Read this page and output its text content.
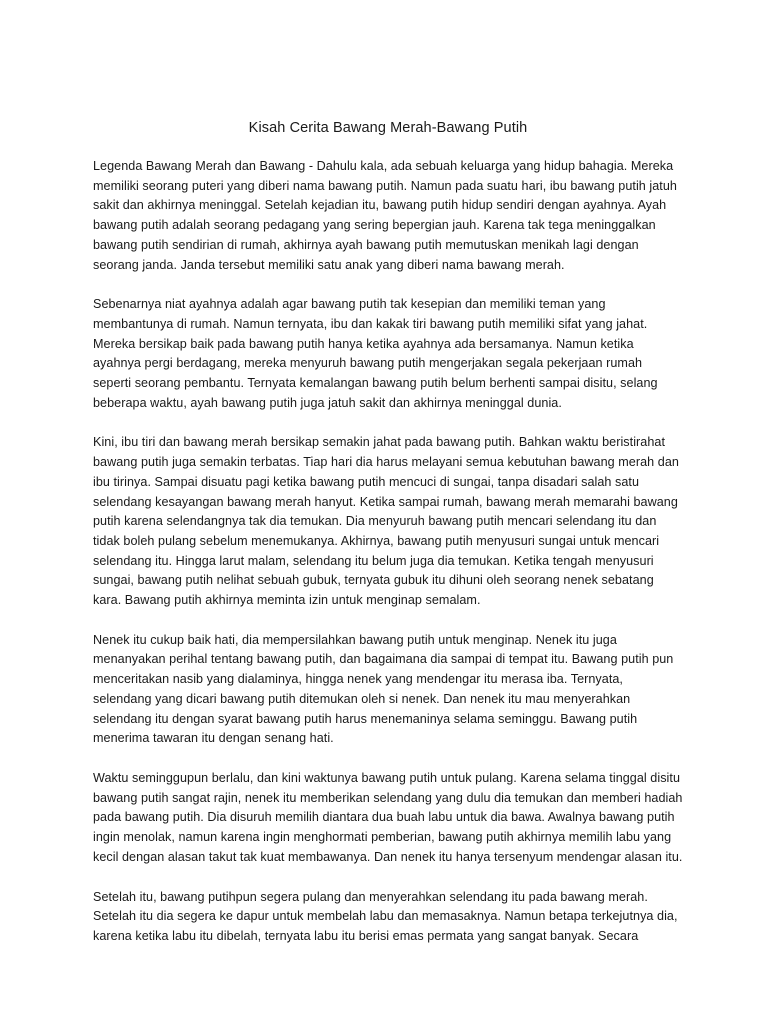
Kisah Cerita Bawang Merah-Bawang Putih

Legenda Bawang Merah dan Bawang - Dahulu kala, ada sebuah keluarga yang hidup bahagia. Mereka memiliki seorang puteri yang diberi nama bawang putih. Namun pada suatu hari, ibu bawang putih jatuh sakit dan akhirnya meninggal. Setelah kejadian itu, bawang putih hidup sendiri dengan ayahnya. Ayah bawang putih adalah seorang pedagang yang sering bepergian jauh. Karena tak tega meninggalkan bawang putih sendirian di rumah, akhirnya ayah bawang putih memutuskan menikah lagi dengan seorang janda. Janda tersebut memiliki satu anak yang diberi nama bawang merah.

Sebenarnya niat ayahnya adalah agar bawang putih tak kesepian dan memiliki teman yang membantunya di rumah. Namun ternyata, ibu dan kakak tiri bawang putih memiliki sifat yang jahat. Mereka bersikap baik pada bawang putih hanya ketika ayahnya ada bersamanya. Namun ketika ayahnya pergi berdagang, mereka menyuruh bawang putih mengerjakan segala pekerjaan rumah seperti seorang pembantu. Ternyata kemalangan bawang putih belum berhenti sampai disitu, selang beberapa waktu, ayah bawang putih juga jatuh sakit dan akhirnya meninggal dunia.

Kini, ibu tiri dan bawang merah bersikap semakin jahat pada bawang putih. Bahkan waktu beristirahat bawang putih juga semakin terbatas. Tiap hari dia harus melayani semua kebutuhan bawang merah dan ibu tirinya. Sampai disuatu pagi ketika bawang putih mencuci di sungai, tanpa disadari salah satu selendang kesayangan bawang merah hanyut. Ketika sampai rumah, bawang merah memarahi bawang putih karena selendangnya tak dia temukan. Dia menyuruh bawang putih mencari selendang itu dan tidak boleh pulang sebelum menemukanya. Akhirnya, bawang putih menyusuri sungai untuk mencari selendang itu. Hingga larut malam, selendang itu belum juga dia temukan. Ketika tengah menyusuri sungai, bawang putih nelihat sebuah gubuk, ternyata gubuk itu dihuni oleh seorang nenek sebatang kara. Bawang putih akhirnya meminta izin untuk menginap semalam.

Nenek itu cukup baik hati, dia mempersilahkan bawang putih untuk menginap. Nenek itu juga menanyakan perihal tentang bawang putih, dan bagaimana dia sampai di tempat itu. Bawang putih pun menceritakan nasib yang dialaminya, hingga nenek yang mendengar itu merasa iba. Ternyata, selendang yang dicari bawang putih ditemukan oleh si nenek. Dan nenek itu mau menyerahkan selendang itu dengan syarat bawang putih harus menemaninya selama seminggu. Bawang putih menerima tawaran itu dengan senang hati.

Waktu seminggupun berlalu, dan kini waktunya bawang putih untuk pulang. Karena selama tinggal disitu bawang putih sangat rajin, nenek itu memberikan selendang yang dulu dia temukan dan memberi hadiah pada bawang putih. Dia disuruh memilih diantara dua buah labu untuk dia bawa. Awalnya bawang putih ingin menolak, namun karena ingin menghormati pemberian, bawang putih akhirnya memilih labu yang kecil dengan alasan takut tak kuat membawanya. Dan nenek itu hanya tersenyum mendengar alasan itu.

Setelah itu, bawang putihpun segera pulang dan menyerahkan selendang itu pada bawang merah. Setelah itu dia segera ke dapur untuk membelah labu dan memasaknya. Namun betapa terkejutnya dia, karena ketika labu itu dibelah, ternyata labu itu berisi emas permata yang sangat banyak. Secara
